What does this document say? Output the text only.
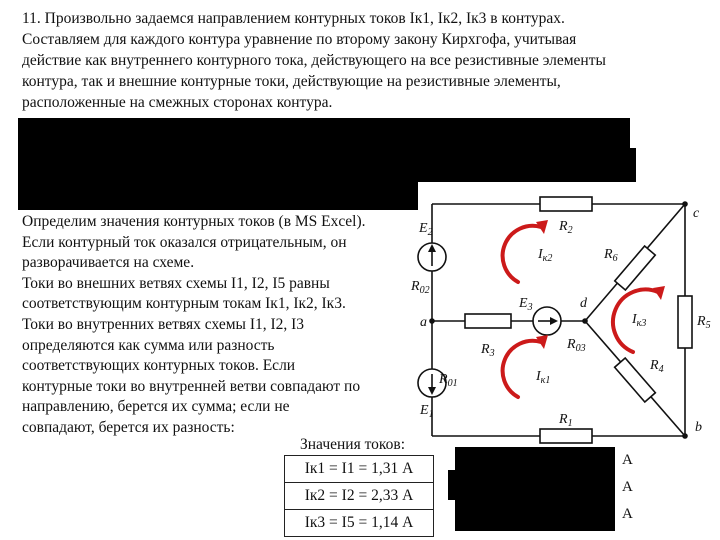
11. Произвольно задаемся направлением контурных токов Iк1, Iк2, Iк3 в контурах.

Составляем для каждого контура уравнение по второму закону Кирхгофа, учитывая

действие как внутреннего контурного тока, действующего на все резистивные элементы

контура, так и внешние контурные токи, действующие на резистивные элементы,

расположенные на смежных сторонах контура.

$E_2$
$R_{02}$
a
$R_{01}$
$E_1$
$R_2$
$I_{к2}$
c
$R_6$
$E_3$	d
$I_{к3}$	$R_5$
$R_3$
$R_{03}$
$R_4$
$I_{к1}$
$R_1$	b

Определим значения контурных токов (в MS Excel).

Если контурный ток оказался отрицательным, он

разворачивается на схеме.

Токи во внешних ветвях схемы I1, I2, I5 равны

соответствующим контурным токам Iк1, Iк2, Iк3.

Токи во внутренних ветвях схемы I1, I2, I3

определяются как сумма или разность

соответствующих контурных токов. Если

контурные токи во внутренней ветви совпадают по

направлению, берется их сумма; если не

совпадают, берется их разность:

Значения токов:
Iк1 = I1 = 1,31 А
Iк2 = I2 = 2,33 А
Iк3 = I5 = 1,14 А
А
А
А
